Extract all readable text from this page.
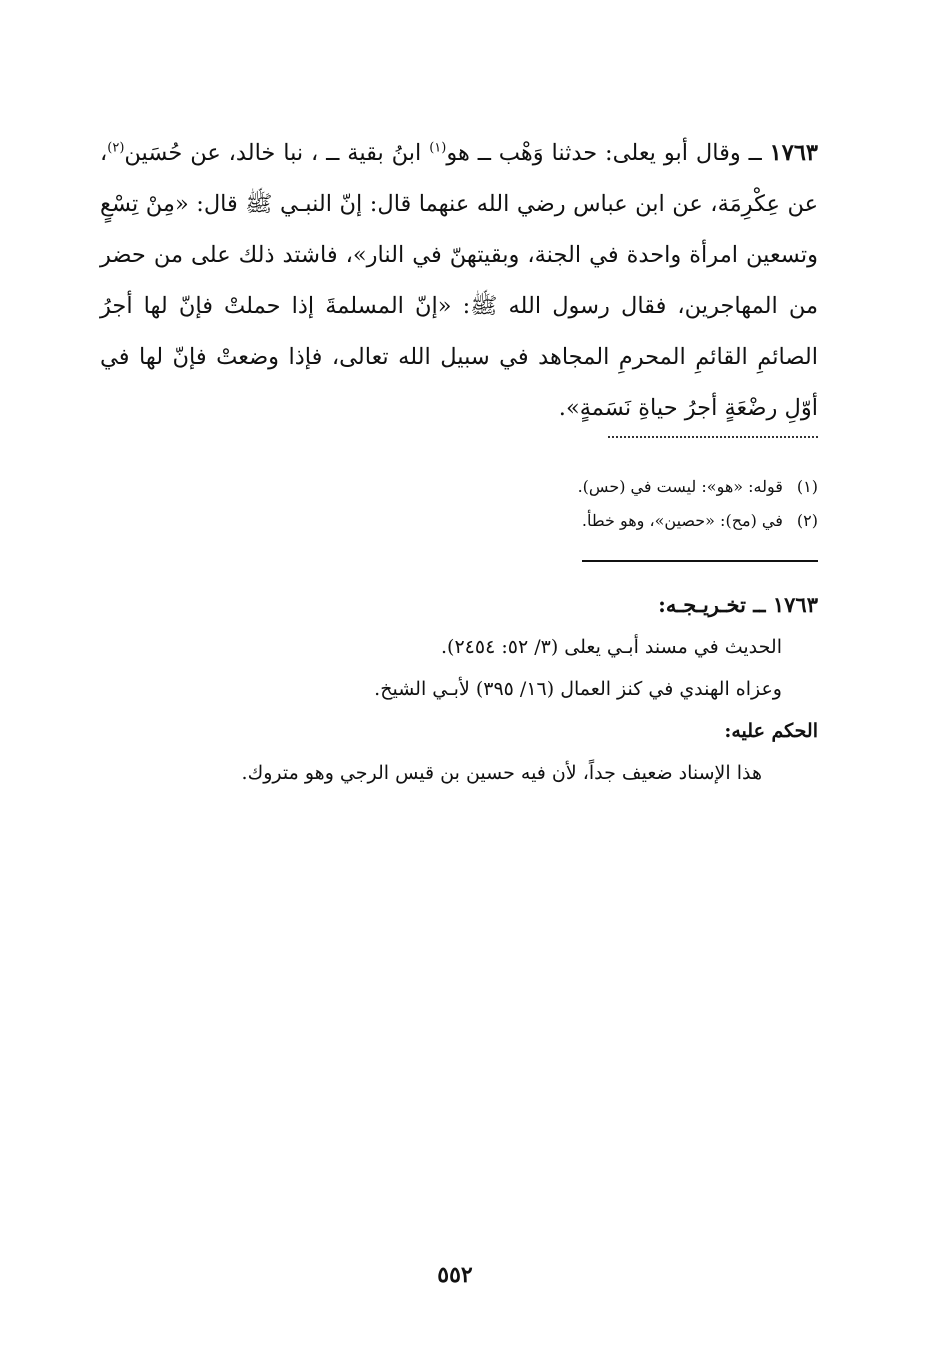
١٧٦٣ ــ وقال أبو يعلى: حدثنا وَهْب ــ هو$^{(١)}$ ابنُ بقية ــ ، نبا خالد، عن حُسَين$^{(٢)}$، عن عِكْرِمَة، عن ابن عباس رضي الله عنهما قال: إنّ النبـي ﷺ قال: «مِنْ تِسْعٍ وتسعين امرأة واحدة في الجنة، وبقيتهنّ في النار»، فاشتد ذلك على من حضر من المهاجرين، فقال رسول الله ﷺ: «إنّ المسلمةَ إذا حملتْ فإنّ لها أجرُ الصائمِ القائمِ المحرمِ المجاهد في سبيل الله تعالى، فإذا وضعتْ فإنّ لها في أوّلِ رضْعَةٍ أجرُ حياةِ نَسَمةٍ».

(١) قوله: «هو»: ليست في (حس).

(٢) في (مح): «حصين»، وهو خطأ.

١٧٦٣ ــ تخـريـجـه:

الحديث في مسند أبـي يعلى (٣/ ٥٢: ٢٤٥٤).

وعزاه الهندي في كنز العمال (١٦/ ٣٩٥) لأبـي الشيخ.

الحكم عليه:

هذا الإسناد ضعيف جداً، لأن فيه حسين بن قيس الرجي وهو متروك.

٥٥٢
